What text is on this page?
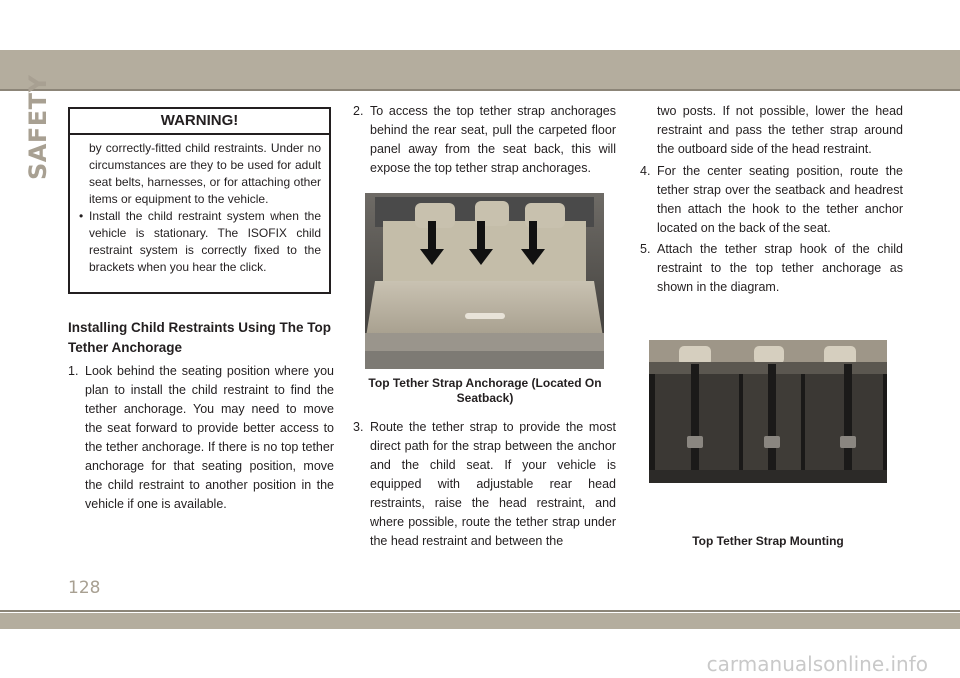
SAFETY	WARNING!

by correctly-fitted child restraints. Under no circumstances are they to be used for adult seat belts, harnesses, or for attaching other items or equipment to the vehicle.

• Install the child restraint system when the vehicle is stationary. The ISOFIX child restraint system is correctly fixed to the brackets when you hear the click.
Installing Child Restraints Using The Top Tether Anchorage
1. Look behind the seating position where you plan to install the child restraint to find the tether anchorage. You may need to move the seat forward to provide better access to the tether anchorage. If there is no top tether anchorage for that seating position, move the child restraint to another position in the vehicle if one is available.
2. To access the top tether strap anchorages behind the rear seat, pull the carpeted floor panel away from the seat back, this will expose the top tether strap anchorages.
Top Tether Strap Anchorage (Located On Seatback)
3. Route the tether strap to provide the most direct path for the strap between the anchor and the child seat. If your vehicle is equipped with adjustable rear head restraints, raise the head restraint, and where possible, route the tether strap under the head restraint and between the
two posts. If not possible, lower the head restraint and pass the tether strap around the outboard side of the head restraint.
4. For the center seating position, route the tether strap over the seatback and headrest then attach the hook to the tether anchor located on the back of the seat.
5. Attach the tether strap hook of the child restraint to the top tether anchorage as shown in the diagram.
Top Tether Strap Mounting
128
carmanualsonline.info
